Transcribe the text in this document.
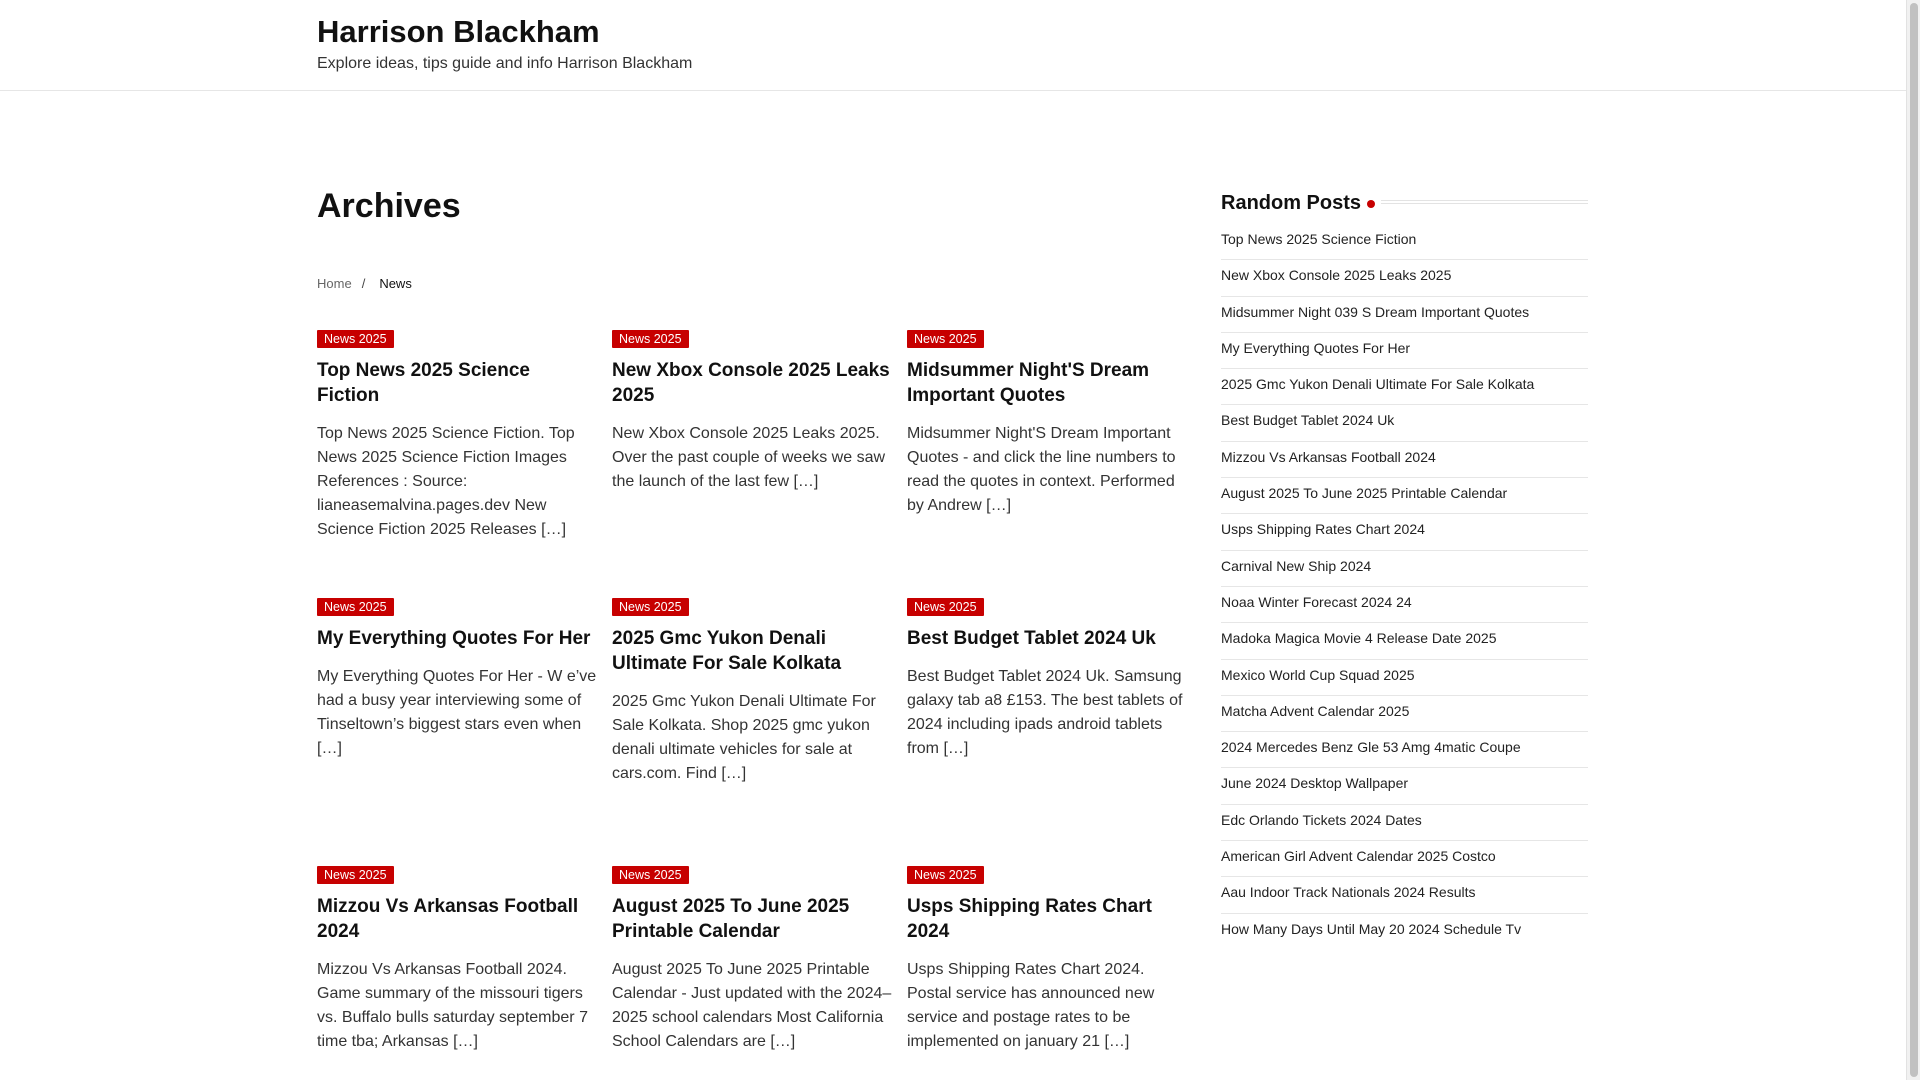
Harrison Blackham
Explore ideas, tips guide and info Harrison Blackham
Archives
Home / News
News 2025
Top News 2025 Science Fiction

Top News 2025 Science Fiction. Top News 2025 Science Fiction Images References : Source: lianeasemalvina.pages.dev New Science Fiction 2025 Releases […]

News 2025
New Xbox Console 2025 Leaks 2025

New Xbox Console 2025 Leaks 2025. Over the past couple of weeks we saw the launch of the last few […]

News 2025
Midsummer Night'S Dream Important Quotes

Midsummer Night'S Dream Important Quotes - and click the line numbers to read the quotes in context. Performed by Andrew […]

News 2025
My Everything Quotes For Her

My Everything Quotes For Her - W e’ve had a busy year interviewing some of Tinseltown’s biggest stars even when […]

News 2025
2025 Gmc Yukon Denali Ultimate For Sale Kolkata

2025 Gmc Yukon Denali Ultimate For Sale Kolkata. Shop 2025 gmc yukon denali ultimate vehicles for sale at cars.com. Find […]

News 2025
Best Budget Tablet 2024 Uk

Best Budget Tablet 2024 Uk. Samsung galaxy tab a8 £153. The best tablets of 2024 including ipads android tablets from […]

News 2025
Mizzou Vs Arkansas Football 2024

Mizzou Vs Arkansas Football 2024. Game summary of the missouri tigers vs. Buffalo bulls saturday september 7 time tba; Arkansas […]

News 2025
August 2025 To June 2025 Printable Calendar

August 2025 To June 2025 Printable Calendar - Just updated with the 2024–2025 school calendars Most California School Calendars are […]

News 2025
Usps Shipping Rates Chart 2024

Usps Shipping Rates Chart 2024. Postal service has announced new service and postage rates to be implemented on january 21 […]

Random Posts
Top News 2025 Science Fiction
New Xbox Console 2025 Leaks 2025
Midsummer Night 039 S Dream Important Quotes
My Everything Quotes For Her
2025 Gmc Yukon Denali Ultimate For Sale Kolkata
Best Budget Tablet 2024 Uk
Mizzou Vs Arkansas Football 2024
August 2025 To June 2025 Printable Calendar
Usps Shipping Rates Chart 2024
Carnival New Ship 2024
Noaa Winter Forecast 2024 24
Madoka Magica Movie 4 Release Date 2025
Mexico World Cup Squad 2025
Matcha Advent Calendar 2025
2024 Mercedes Benz Gle 53 Amg 4matic Coupe
June 2024 Desktop Wallpaper
Edc Orlando Tickets 2024 Dates
American Girl Advent Calendar 2025 Costco
Aau Indoor Track Nationals 2024 Results
How Many Days Until May 20 2024 Schedule Tv
